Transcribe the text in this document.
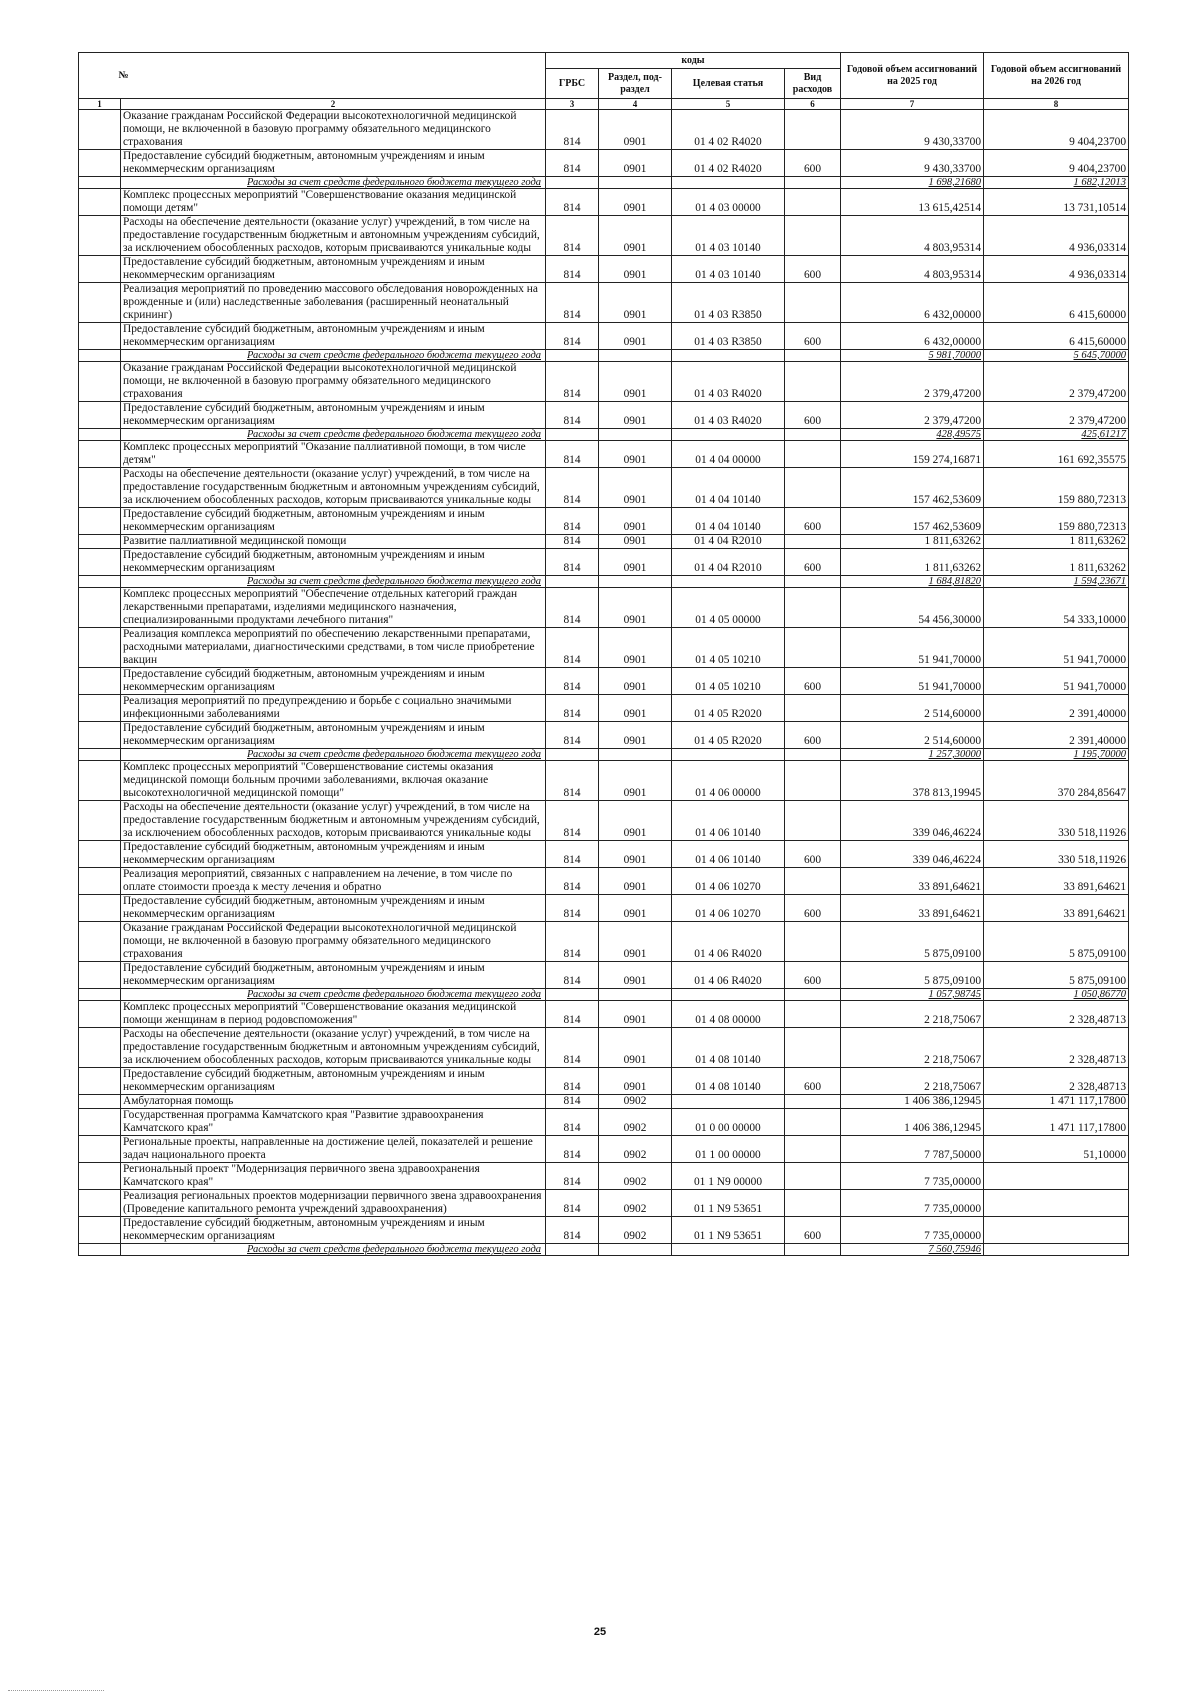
№		коды				Годовой объем ассигнований на 2025 год	Годовой объем ассигнований на 2026 год
		ГРБС	Раздел, под-раздел	Целевая статья	Вид расходов		
1	2	3	4	5	6	7	8
	Оказание гражданам Российской Федерации высокотехнологичной медицинской помощи, не включенной в базовую программу обязательного медицинского страхования	814	0901	01 4 02 R4020		9 430,33700	9 404,23700
	Предоставление субсидий бюджетным, автономным учреждениям и иным некоммерческим организациям	814	0901	01 4 02 R4020	600	9 430,33700	9 404,23700
	Расходы за счет средств федерального бюджета текущего года					1 698,21680	1 682,12013
	Комплекс процессных мероприятий "Совершенствование оказания медицинской помощи детям"	814	0901	01 4 03 00000		13 615,42514	13 731,10514
	Расходы на обеспечение деятельности (оказание услуг) учреждений, в том числе на предоставление государственным бюджетным и автономным учреждениям субсидий, за исключением обособленных расходов, которым присваиваются уникальные коды	814	0901	01 4 03 10140		4 803,95314	4 936,03314
	Предоставление субсидий бюджетным, автономным учреждениям и иным некоммерческим организациям	814	0901	01 4 03 10140	600	4 803,95314	4 936,03314
	Реализация мероприятий по проведению массового обследования новорожденных на врожденные и (или) наследственные заболевания (расширенный неонатальный скрининг)	814	0901	01 4 03 R3850		6 432,00000	6 415,60000
	Предоставление субсидий бюджетным, автономным учреждениям и иным некоммерческим организациям	814	0901	01 4 03 R3850	600	6 432,00000	6 415,60000
	Расходы за счет средств федерального бюджета текущего года					5 981,70000	5 645,70000
	Оказание гражданам Российской Федерации высокотехнологичной медицинской помощи, не включенной в базовую программу обязательного медицинского страхования	814	0901	01 4 03 R4020		2 379,47200	2 379,47200
	Предоставление субсидий бюджетным, автономным учреждениям и иным некоммерческим организациям	814	0901	01 4 03 R4020	600	2 379,47200	2 379,47200
	Расходы за счет средств федерального бюджета текущего года					428,49575	425,61217
	Комплекс процессных мероприятий "Оказание паллиативной помощи, в том числе детям"	814	0901	01 4 04 00000		159 274,16871	161 692,35575
	Расходы на обеспечение деятельности (оказание услуг) учреждений, в том числе на предоставление государственным бюджетным и автономным учреждениям субсидий, за исключением обособленных расходов, которым присваиваются уникальные коды	814	0901	01 4 04 10140		157 462,53609	159 880,72313
	Предоставление субсидий бюджетным, автономным учреждениям и иным некоммерческим организациям	814	0901	01 4 04 10140	600	157 462,53609	159 880,72313
	Развитие паллиативной медицинской помощи	814	0901	01 4 04 R2010		1 811,63262	1 811,63262
	Предоставление субсидий бюджетным, автономным учреждениям и иным некоммерческим организациям	814	0901	01 4 04 R2010	600	1 811,63262	1 811,63262
	Расходы за счет средств федерального бюджета текущего года					1 684,81820	1 594,23671
	Комплекс процессных мероприятий "Обеспечение отдельных категорий граждан лекарственными препаратами, изделиями медицинского назначения, специализированными продуктами лечебного питания"	814	0901	01 4 05 00000		54 456,30000	54 333,10000
	Реализация комплекса мероприятий по обеспечению лекарственными препаратами, расходными материалами, диагностическими средствами, в том числе приобретение вакцин	814	0901	01 4 05 10210		51 941,70000	51 941,70000
	Предоставление субсидий бюджетным, автономным учреждениям и иным некоммерческим организациям	814	0901	01 4 05 10210	600	51 941,70000	51 941,70000
	Реализация мероприятий по предупреждению и борьбе с социально значимыми инфекционными заболеваниями	814	0901	01 4 05 R2020		2 514,60000	2 391,40000
	Предоставление субсидий бюджетным, автономным учреждениям и иным некоммерческим организациям	814	0901	01 4 05 R2020	600	2 514,60000	2 391,40000
	Расходы за счет средств федерального бюджета текущего года					1 257,30000	1 195,70000
	Комплекс процессных мероприятий "Совершенствование системы оказания медицинской помощи больным прочими заболеваниями, включая оказание высокотехнологичной медицинской помощи"	814	0901	01 4 06 00000		378 813,19945	370 284,85647
	Расходы на обеспечение деятельности (оказание услуг) учреждений, в том числе на предоставление государственным бюджетным и автономным учреждениям субсидий, за исключением обособленных расходов, которым присваиваются уникальные коды	814	0901	01 4 06 10140		339 046,46224	330 518,11926
	Предоставление субсидий бюджетным, автономным учреждениям и иным некоммерческим организациям	814	0901	01 4 06 10140	600	339 046,46224	330 518,11926
	Реализация мероприятий, связанных с направлением на лечение, в том числе по оплате стоимости проезда к месту лечения и обратно	814	0901	01 4 06 10270		33 891,64621	33 891,64621
	Предоставление субсидий бюджетным, автономным учреждениям и иным некоммерческим организациям	814	0901	01 4 06 10270	600	33 891,64621	33 891,64621
	Оказание гражданам Российской Федерации высокотехнологичной медицинской помощи, не включенной в базовую программу обязательного медицинского страхования	814	0901	01 4 06 R4020		5 875,09100	5 875,09100
	Предоставление субсидий бюджетным, автономным учреждениям и иным некоммерческим организациям	814	0901	01 4 06 R4020	600	5 875,09100	5 875,09100
	Расходы за счет средств федерального бюджета текущего года					1 057,98745	1 050,86770
	Комплекс процессных мероприятий "Совершенствование оказания медицинской помощи женщинам в период родовспоможения"	814	0901	01 4 08 00000		2 218,75067	2 328,48713
	Расходы на обеспечение деятельности (оказание услуг) учреждений, в том числе на предоставление государственным бюджетным и автономным учреждениям субсидий, за исключением обособленных расходов, которым присваиваются уникальные коды	814	0901	01 4 08 10140		2 218,75067	2 328,48713
	Предоставление субсидий бюджетным, автономным учреждениям и иным некоммерческим организациям	814	0901	01 4 08 10140	600	2 218,75067	2 328,48713
	Амбулаторная помощь	814	0902			1 406 386,12945	1 471 117,17800
	Государственная программа Камчатского края "Развитие здравоохранения Камчатского края"	814	0902	01 0 00 00000		1 406 386,12945	1 471 117,17800
	Региональные проекты, направленные на достижение целей, показателей и решение задач национального проекта	814	0902	01 1 00 00000		7 787,50000	51,10000
	Региональный проект "Модернизация первичного звена здравоохранения Камчатского края"	814	0902	01 1 N9 00000		7 735,00000	
	Реализация региональных проектов модернизации первичного звена здравоохранения (Проведение капитального ремонта учреждений здравоохранения)	814	0902	01 1 N9 53651		7 735,00000	
	Предоставление субсидий бюджетным, автономным учреждениям и иным некоммерческим организациям	814	0902	01 1 N9 53651	600	7 735,00000	
	Расходы за счет средств федерального бюджета текущего года					7 560,75946	
25
